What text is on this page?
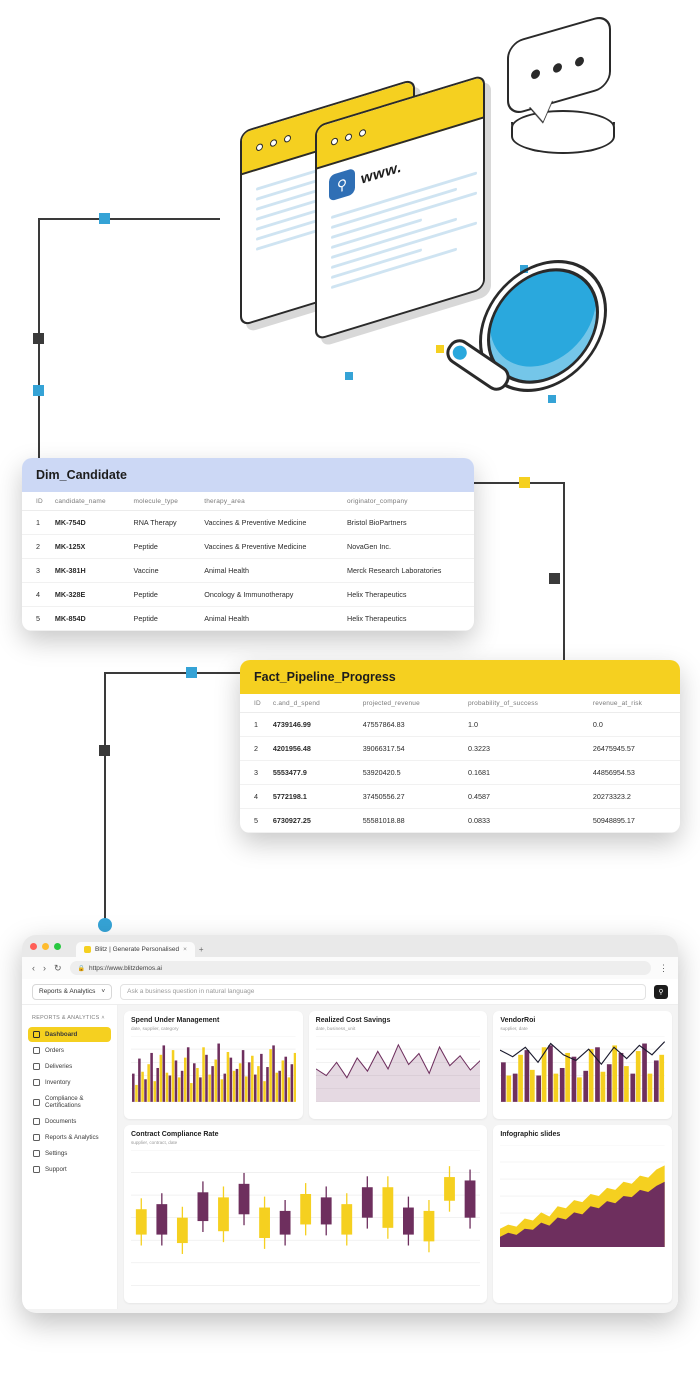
⚲ www.
Dim_Candidate
ID	candidate_name	molecule_type	therapy_area	originator_company
1	MK-754D	RNA Therapy	Vaccines & Preventive Medicine	Bristol BioPartners
2	MK-125X	Peptide	Vaccines & Preventive Medicine	NovaGen Inc.
3	MK-381H	Vaccine	Animal Health	Merck Research Laboratories
4	MK-328E	Peptide	Oncology & Immunotherapy	Helix Therapeutics
5	MK-854D	Peptide	Animal Health	Helix Therapeutics
Fact_Pipeline_Progress
ID	c.and_d_spend	projected_revenue	probability_of_success	revenue_at_risk
1	4739146.99	47557864.83	1.0	0.0
2	4201956.48	39066317.54	0.3223	26475945.57
3	5553477.9	53920420.5	0.1681	44856954.53
4	5772198.1	37450556.27	0.4587	20273323.2
5	6730927.25	55581018.88	0.0833	50948895.17
Blitz | Generate Personalised × +
‹ › ↻	🔒 https://www.blitzdemos.ai	⋮
Reports & Analytics ˅	Ask a business question in natural language	⚲
REPORTS & ANALYTICS ˄
Dashboard
Orders
Deliveries
Inventory
Compliance & Certifications
Documents
Reports & Analytics
Settings
Support
Spend Under Management
date, supplier, category
Realized Cost Savings
date, business_unit
VendorRoi
supplier, date
Contract Compliance Rate
supplier, contract, date
Infographic slides
